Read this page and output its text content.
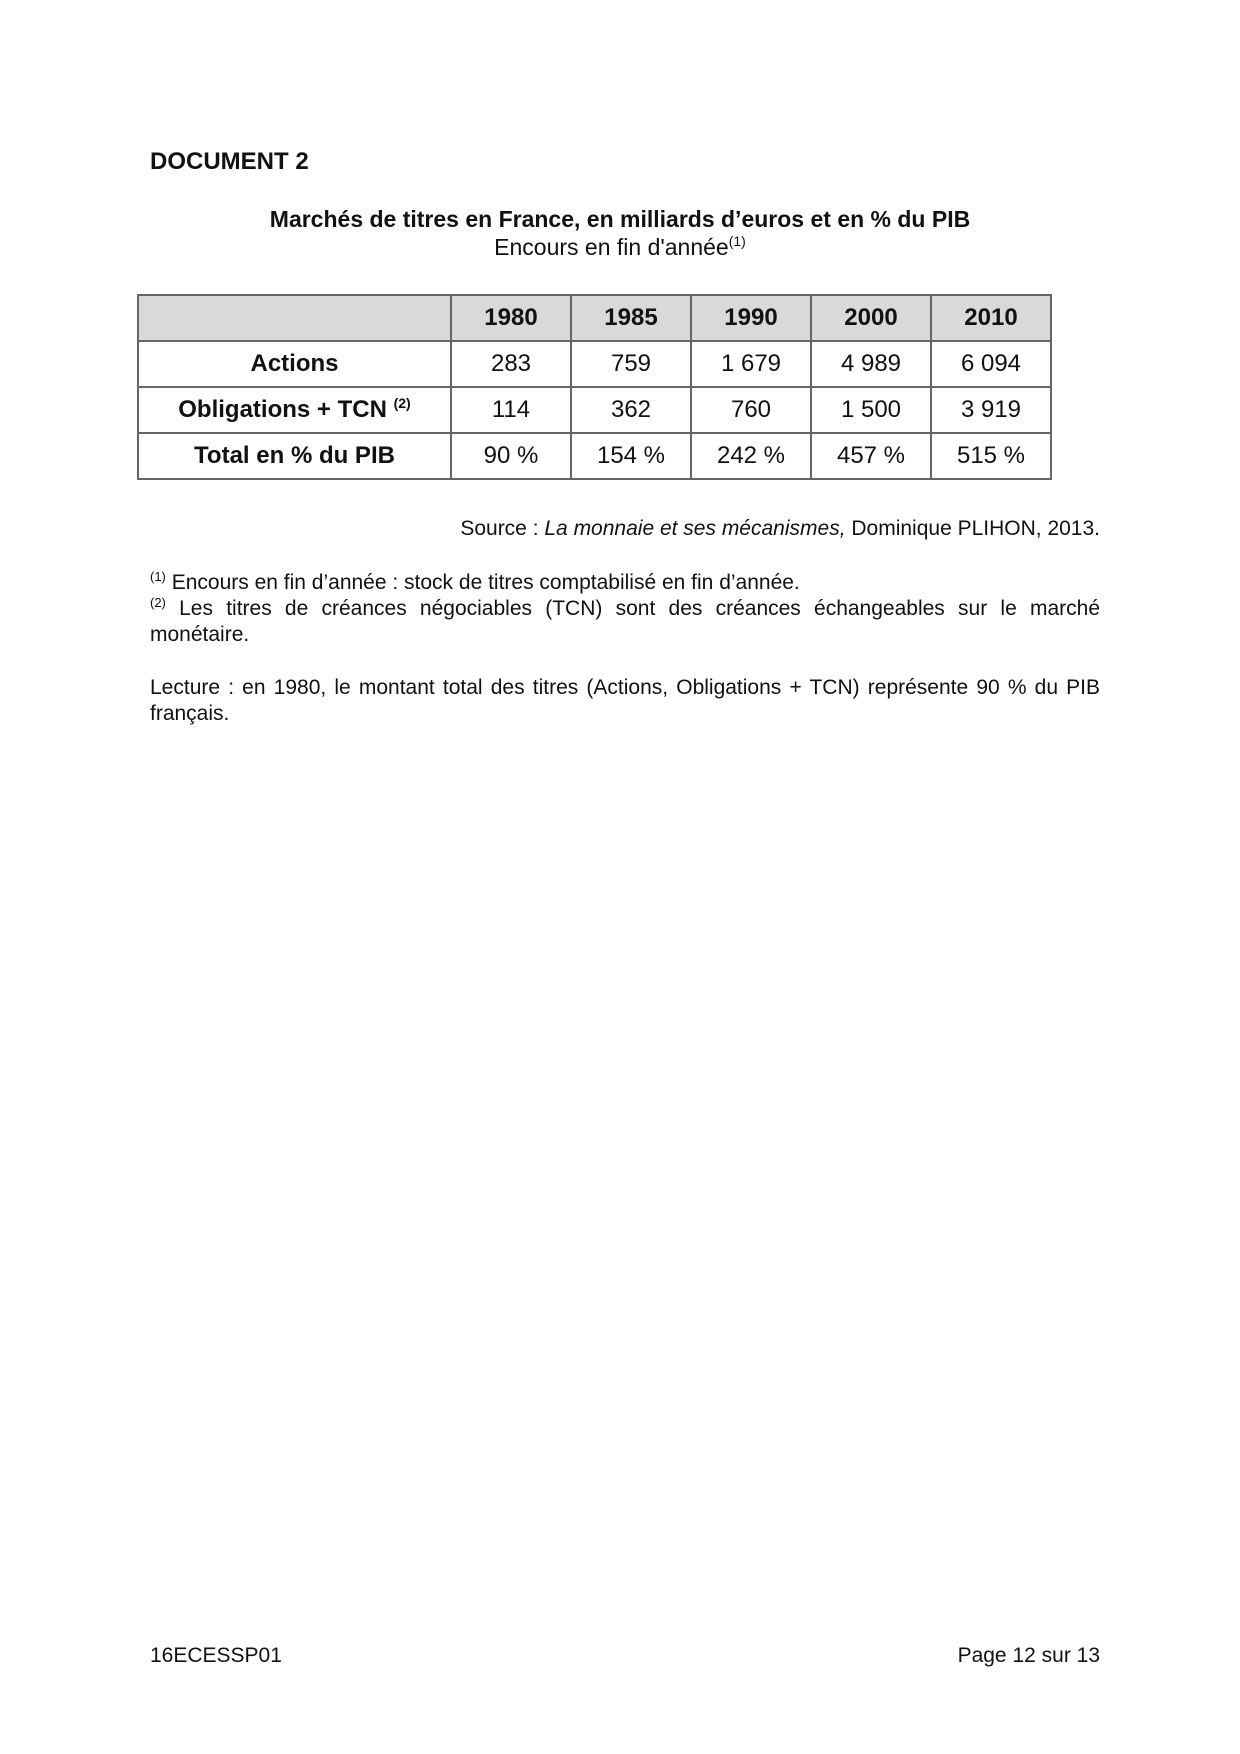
DOCUMENT 2
Marchés de titres en France, en milliards d’euros et en % du PIB

Encours en fin d'année$^{(1)}$

	1980	1985	1990	2000	2010
Actions	283	759	1 679	4 989	6 094
Obligations + TCN $^{(2)}$	114	362	760	1 500	3 919
Total en % du PIB	90 %	154 %	242 %	457 %	515 %

Source : La monnaie et ses mécanismes, Dominique PLIHON, 2013.

$^{(1)}$ Encours en fin d’année : stock de titres comptabilisé en fin d’année.

$^{(2)}$ Les titres de créances négociables (TCN) sont des créances échangeables sur le marché monétaire.

Lecture : en 1980, le montant total des titres (Actions, Obligations + TCN) représente 90 % du PIB français.

16ECESSP01	Page 12 sur 13
